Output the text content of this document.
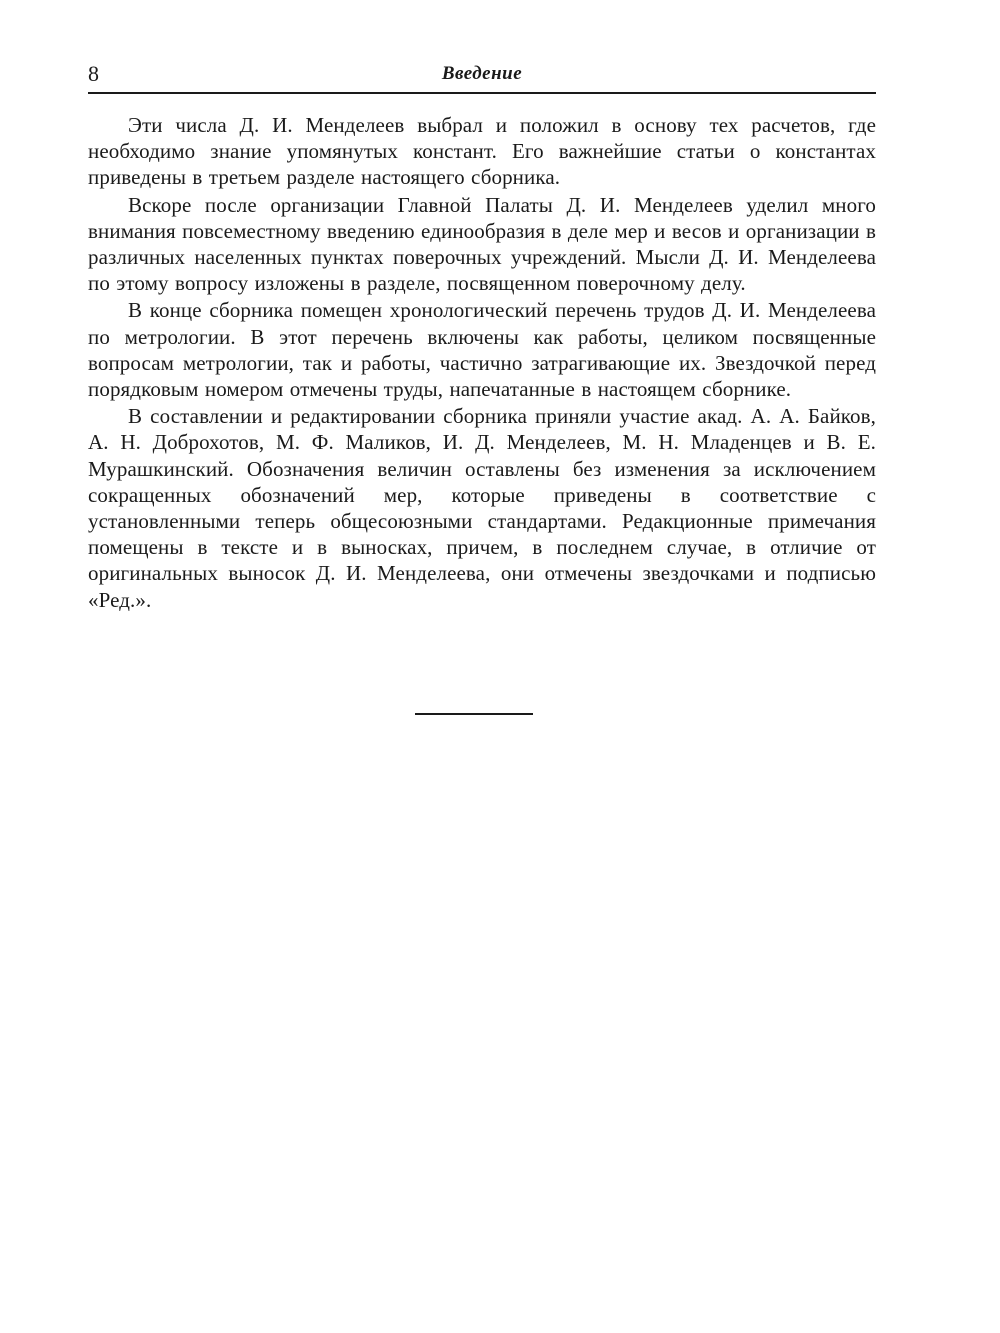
8	Введение

Эти числа Д. И. Менделеев выбрал и положил в основу тех расчетов, где необходимо знание упомянутых констант. Его важнейшие статьи о константах приведены в третьем разделе настоящего сборника.

Вскоре после организации Главной Палаты Д. И. Менделеев уделил много внимания повсеместному введению единообразия в деле мер и весов и организации в различных населенных пунктах поверочных учреждений. Мысли Д. И. Менделеева по этому вопросу изложены в разделе, посвященном поверочному делу.

В конце сборника помещен хронологический перечень трудов Д. И. Менделеева по метрологии. В этот перечень включены как работы, целиком посвященные вопросам метрологии, так и работы, частично затрагивающие их. Звездочкой перед порядковым номером отмечены труды, напечатанные в настоящем сборнике.

В составлении и редактировании сборника приняли участие акад. А. А. Байков, А. Н. Доброхотов, М. Ф. Маликов, И. Д. Менделеев, М. Н. Младенцев и В. Е. Мурашкинский. Обозначения величин оставлены без изменения за исключением сокращенных обозначений мер, которые приведены в соответствие с установленными теперь общесоюзными стандартами. Редакционные примечания помещены в тексте и в выносках, причем, в последнем случае, в отличие от оригинальных выносок Д. И. Менделеева, они отмечены звездочками и подписью «Ред.».
